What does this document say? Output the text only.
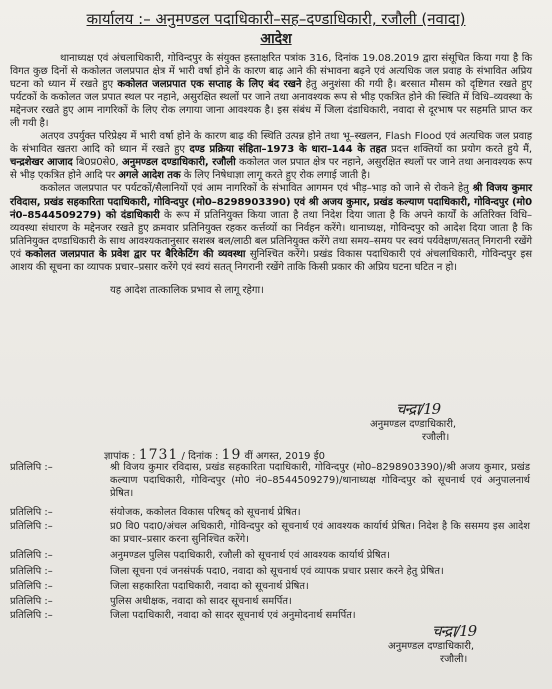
कार्यालय :– अनुमण्डल पदाधिकारी–सह–दण्डाधिकारी, रजौली (नवादा)
आदेश

थानाध्यक्ष एवं अंचलाधिकारी, गोविन्दपुर के संयुक्त हस्ताक्षरित पत्रांक 316, दिनांक 19.08.2019 द्वारा संसूचित किया गया है कि विगत कुछ दिनों से ककोलत जलप्रपात क्षेत्र में भारी वर्षा होने के कारण बाढ़ आने की संभावना बढ़ने एवं अत्यधिक जल प्रवाह के संभावित अप्रिय घटना को ध्यान में रखते हुए ककोलत जलप्रपात एक सप्ताह के लिए बंद रखने हेतु अनुशंसा की गयी है। बरसात मौसम को दृष्टिगत रखते हुए पर्यटकों के ककोलत जल प्रपात स्थल पर नहाने, असुरक्षित स्थलों पर जाने तथा अनावश्यक रूप से भीड़ एकत्रित होने की स्थिति में विधि–व्यवस्था के मद्देनजर रखते हुए आम नागरिकों के लिए रोक लगाया जाना आवश्यक है। इस संबंध में जिला दंडाधिकारी, नवादा से दूरभाष पर सहमति प्राप्त कर ली गयी है।

अतएव उपर्युक्त परिप्रेक्ष्य में भारी वर्षा होने के कारण बाढ़ की स्थिति उत्पन्न होने तथा भू–स्खलन, Flash Flood एवं अत्यधिक जल प्रवाह के संभावित खतरा आदि को ध्यान में रखते हुए दण्ड प्रक्रिया संहिता–1973 के धारा–144 के तहत प्रदत्त शक्तियों का प्रयोग करते हुये मैं, चन्द्रशेखर आजाद बि0प्र0से0, अनुमण्डल दण्डाधिकारी, रजौली ककोलत जल प्रपात क्षेत्र पर नहाने, असुरक्षित स्थलों पर जाने तथा अनावश्यक रूप से भीड़ एकत्रित होने आदि पर अगले आदेश तक के लिए निषेधाज्ञा लागू करते हुए रोक लगाई जाती है।

ककोलत जलप्रपात पर पर्यटकों/सैलानियों एवं आम नागरिकों के संभावित आगमन एवं भीड़–भाड़ को जाने से रोकने हेतु श्री विजय कुमार रविदास, प्रखंड सहकारिता पदाधिकारी, गोविन्दपुर (मो0–8298903390) एवं श्री अजय कुमार, प्रखंड कल्याण पदाधिकारी, गोविन्दपुर (मो0 नं0–8544509279) को दंडाधिकारी के रूप में प्रतिनियुक्त किया जाता है तथा निदेश दिया जाता है कि अपने कार्यों के अतिरिक्त विधि–व्यवस्था संधारण के मद्देनजर रखते हुए क्रमवार प्रतिनियुक्त रहकर कर्त्तव्यों का निर्वहन करेंगे। थानाध्यक्ष, गोविन्दपुर को आदेश दिया जाता है कि प्रतिनियुक्त दण्डाधिकारी के साथ आवश्यकतानुसार सशस्त्र बल/लाठी बल प्रतिनियुक्त करेंगे तथा समय–समय पर स्वयं पर्यवेक्षण/सतत् निगरानी रखेंगे एवं ककोलत जलप्रपात के प्रवेश द्वार पर बैरिकेटिंग की व्यवस्था सुनिश्चित करेंगे। प्रखंड विकास पदाधिकारी एवं अंचलाधिकारी, गोविन्दपुर इस आशय की सूचना का व्यापक प्रचार–प्रसार करेंगे एवं स्वयं सतत् निगरानी रखेंगे ताकि किसी प्रकार की अप्रिय घटना घटित न हो।

यह आदेश तात्कालिक प्रभाव से लागू रहेगा।

चन्द्रा/19
अनुमण्डल दण्डाधिकारी,
रजौली।
ज्ञापांक : 1731 / दिनांक : 19 वीं अगस्त, 2019 ई0
प्रतिलिपि :–	श्री विजय कुमार रविदास, प्रखंड सहकारिता पदाधिकारी, गोविन्दपुर (मो0–8298903390)/श्री अजय कुमार, प्रखंड कल्याण पदाधिकारी, गोविन्दपुर (मो0 नं0–8544509279)/थानाध्यक्ष गोविन्दपुर को सूचनार्थ एवं अनुपालनार्थ प्रेषित।
प्रतिलिपि :–	संयोजक, ककोलत विकास परिषद् को सूचनार्थ प्रेषित।
प्रतिलिपि :–	प्र0 वि0 पदा0/अंचल अधिकारी, गोविन्दपुर को सूचनार्थ एवं आवश्यक कार्यार्थ प्रेषित। निदेश है कि ससमय इस आदेश का प्रचार–प्रसार करना सुनिश्चित करेंगे।
प्रतिलिपि :–	अनुमण्डल पुलिस पदाधिकारी, रजौली को सूचनार्थ एवं आवश्यक कार्यार्थ प्रेषित।
प्रतिलिपि :–	जिला सूचना एवं जनसंपर्क पदा0, नवादा को सूचनार्थ एवं व्यापक प्रचार प्रसार करने हेतु प्रेषित।
प्रतिलिपि :–	जिला सहकारिता पदाधिकारी, नवादा को सूचनार्थ प्रेषित।
प्रतिलिपि :–	पुलिस अधीक्षक, नवादा को सादर सूचनार्थ समर्पित।
प्रतिलिपि :–	जिला पदाधिकारी, नवादा को सादर सूचनार्थ एवं अनुमोदनार्थ समर्पित।
चन्द्रा/19
अनुमण्डल दण्डाधिकारी,
रजौली।
